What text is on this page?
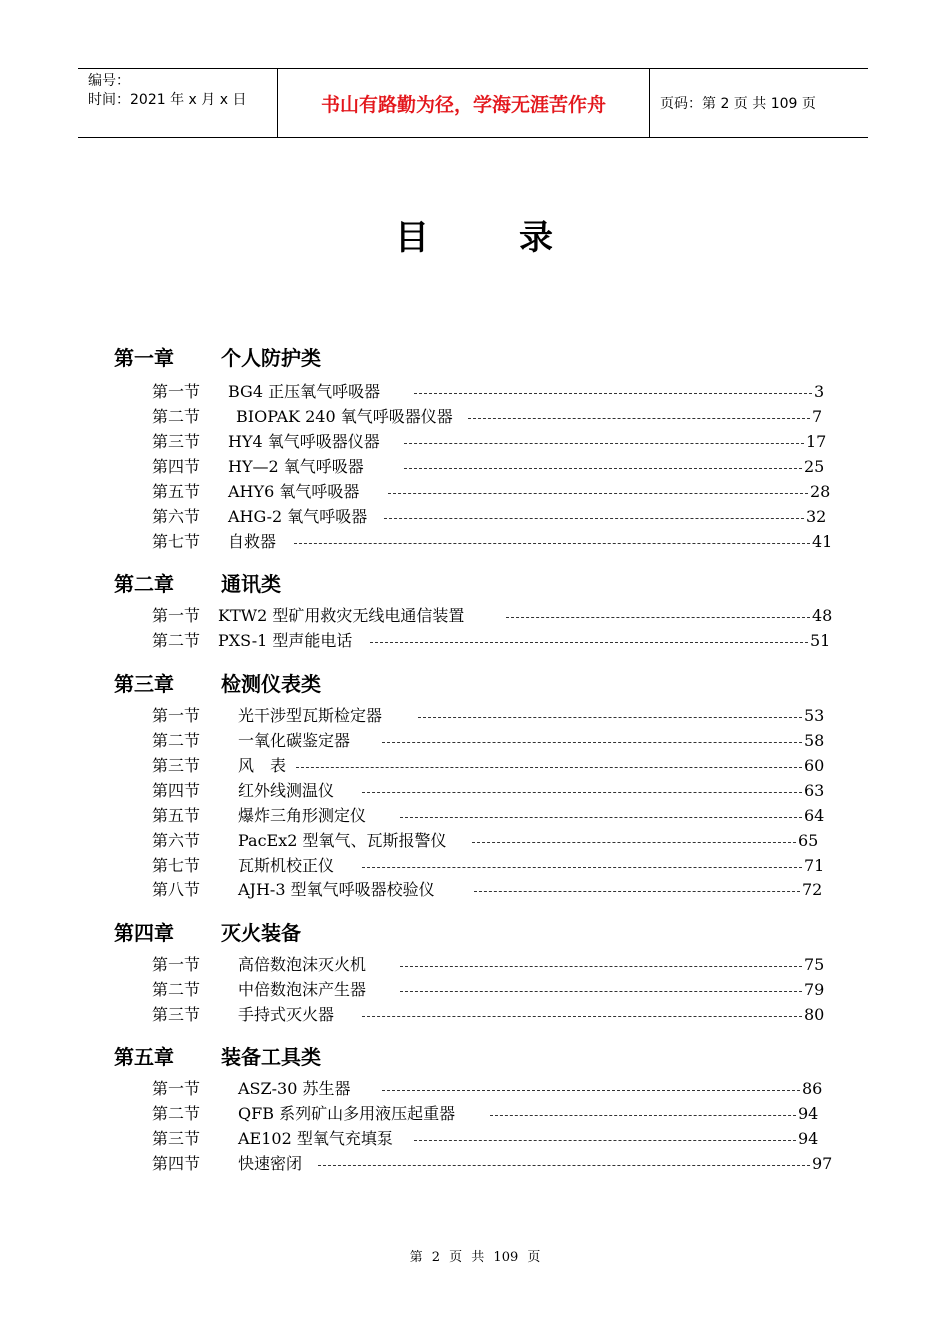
编号：
时间：2021 年 x 月 x 日	书山有路勤为径，学海无涯苦作舟	页码：第 2 页 共 109 页
目	录
第一章 个人防护类
第一节 BG4 正压氧气呼吸器	3
第二节 BIOPAK 240 氧气呼吸器仪器	7
第三节 HY4 氧气呼吸器仪器	17
第四节 HY—2 氧气呼吸器	25
第五节 AHY6 氧气呼吸器	28
第六节 AHG-2 氧气呼吸器	32
第七节 自救器	41
第二章 通讯类
第一节 KTW2 型矿用救灾无线电通信装置	48
第二节 PXS-1 型声能电话	51
第三章 检测仪表类
第一节 光干涉型瓦斯检定器	53
第二节 一氧化碳鉴定器	58
第三节 风　表	60
第四节 红外线测温仪	63
第五节 爆炸三角形测定仪	64
第六节 PacEx2 型氧气、瓦斯报警仪	65
第七节 瓦斯机校正仪	71
第八节 AJH-3 型氧气呼吸器校验仪	72
第四章 灭火装备
第一节 高倍数泡沫灭火机	75
第二节 中倍数泡沫产生器	79
第三节 手持式灭火器	80
第五章 装备工具类
第一节 ASZ-30 苏生器	86
第二节 QFB 系列矿山多用液压起重器	94
第三节 AE102 型氧气充填泵	94
第四节 快速密闭	97
第 2 页 共 109 页
